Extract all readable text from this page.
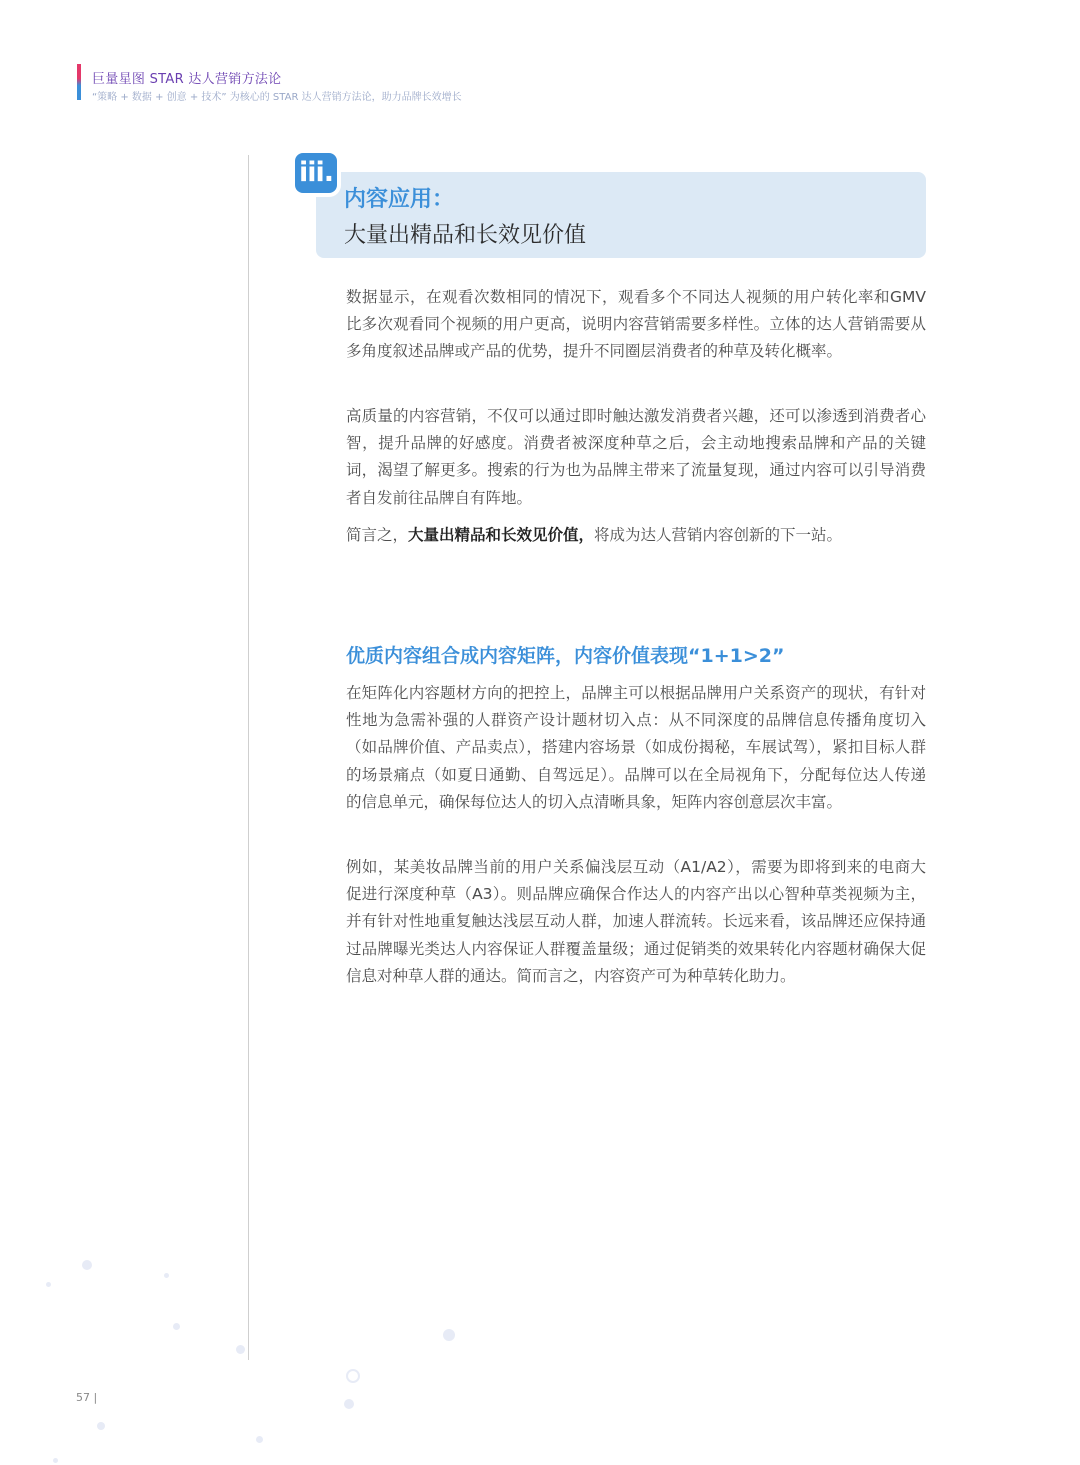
巨量星图 STAR 达人营销方法论
“策略 + 数据 + 创意 + 技术” 为核心的 STAR 达人营销方法论，助力品牌长效增长
iii.
内容应用：
大量出精品和长效见价值

数据显示，在观看次数相同的情况下，观看多个不同达人视频的用户转化率和GMV 比多次观看同个视频的用户更高，说明内容营销需要多样性。立体的达人营销需要从多角度叙述品牌或产品的优势，提升不同圈层消费者的种草及转化概率。

高质量的内容营销，不仅可以通过即时触达激发消费者兴趣，还可以渗透到消费者心智，提升品牌的好感度。消费者被深度种草之后，会主动地搜索品牌和产品的关键词，渴望了解更多。搜索的行为也为品牌主带来了流量复现，通过内容可以引导消费者自发前往品牌自有阵地。

简言之，大量出精品和长效见价值，将成为达人营销内容创新的下一站。

优质内容组合成内容矩阵，内容价值表现“1+1>2”

在矩阵化内容题材方向的把控上，品牌主可以根据品牌用户关系资产的现状，有针对性地为急需补强的人群资产设计题材切入点：从不同深度的品牌信息传播角度切入（如品牌价值、产品卖点），搭建内容场景（如成份揭秘，车展试驾），紧扣目标人群的场景痛点（如夏日通勤、自驾远足）。品牌可以在全局视角下，分配每位达人传递的信息单元，确保每位达人的切入点清晰具象，矩阵内容创意层次丰富。

例如，某美妆品牌当前的用户关系偏浅层互动（A1/A2），需要为即将到来的电商大促进行深度种草（A3）。则品牌应确保合作达人的内容产出以心智种草类视频为主，并有针对性地重复触达浅层互动人群，加速人群流转。长远来看，该品牌还应保持通过品牌曝光类达人内容保证人群覆盖量级；通过促销类的效果转化内容题材确保大促信息对种草人群的通达。简而言之，内容资产可为种草转化助力。

57 |
